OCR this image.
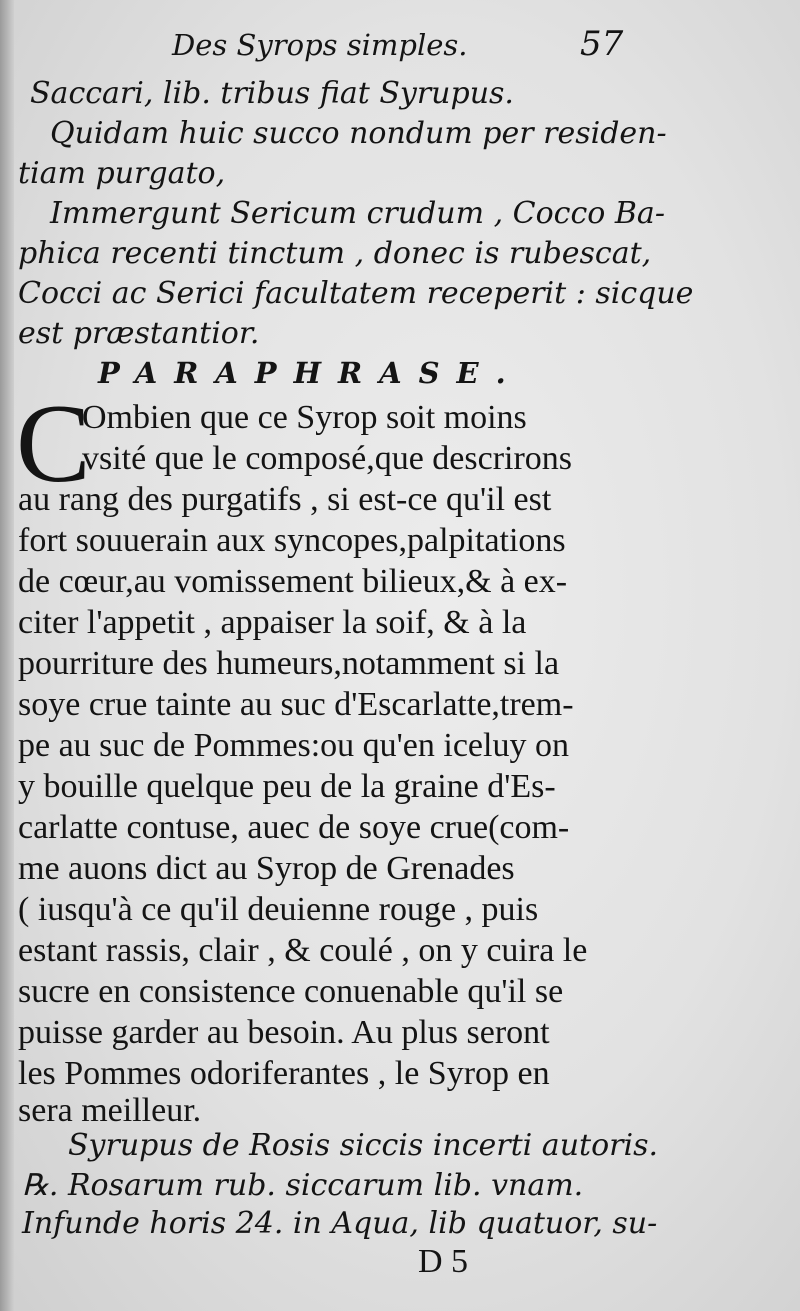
Des Syrops simples.	57
Saccari, lib. tribus fiat Syrupus.
Quidam huic succo nondum per residen-
tiam purgato,
Immergunt Sericum crudum , Cocco Ba-
phica recenti tinctum , donec is rubescat,
Cocci ac Serici facultatem receperit : sicque
est præstantior.
PARAPHRASE.
C
Ombien que ce Syrop soit moins
vsité que le composé,que descrirons
au rang des purgatifs , si est-ce qu'il est
fort souuerain aux syncopes,palpitations
de cœur,au vomissement bilieux,& à ex-
citer l'appetit , appaiser la soif, & à la
pourriture des humeurs,notamment si la
soye crue tainte au suc d'Escarlatte,trem-
pe au suc de Pommes:ou qu'en iceluy on
y bouille quelque peu de la graine d'Es-
carlatte contuse, auec de soye crue(com-
me auons dict au Syrop de Grenades
( iusqu'à ce qu'il deuienne rouge , puis
estant rassis, clair , & coulé , on y cuira le
sucre en consistence conuenable qu'il se
puisse garder au besoin. Au plus seront
les Pommes odoriferantes , le Syrop en
sera meilleur.
Syrupus de Rosis siccis incerti autoris.
℞. Rosarum rub. siccarum lib. vnam.
Infunde horis 24. in Aqua, lib quatuor, su-
D 5
